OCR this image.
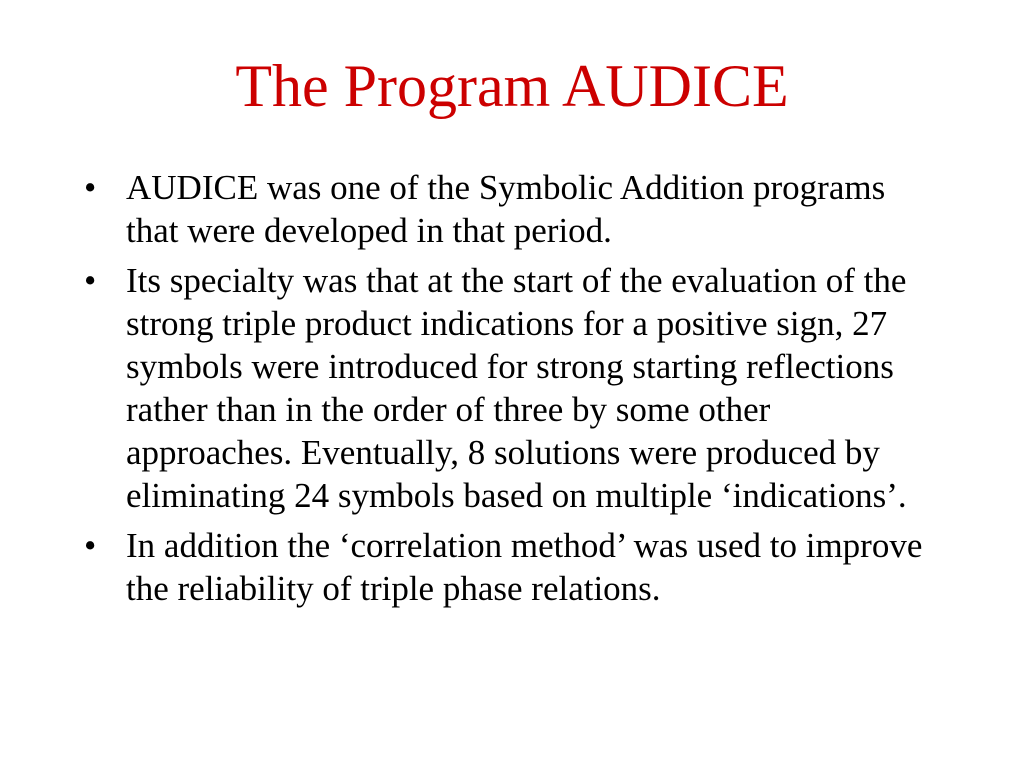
The Program AUDICE
• AUDICE was one of the Symbolic Addition programs that were developed in that period.
• Its specialty was that at the start of the evaluation of the strong triple product indications for a positive sign, 27 symbols were introduced for strong starting reflections rather than in the order of three by some other approaches. Eventually, 8 solutions were produced by eliminating 24 symbols based on multiple ‘indications’.
• In addition the ‘correlation method’ was used to improve the reliability of triple phase relations.
